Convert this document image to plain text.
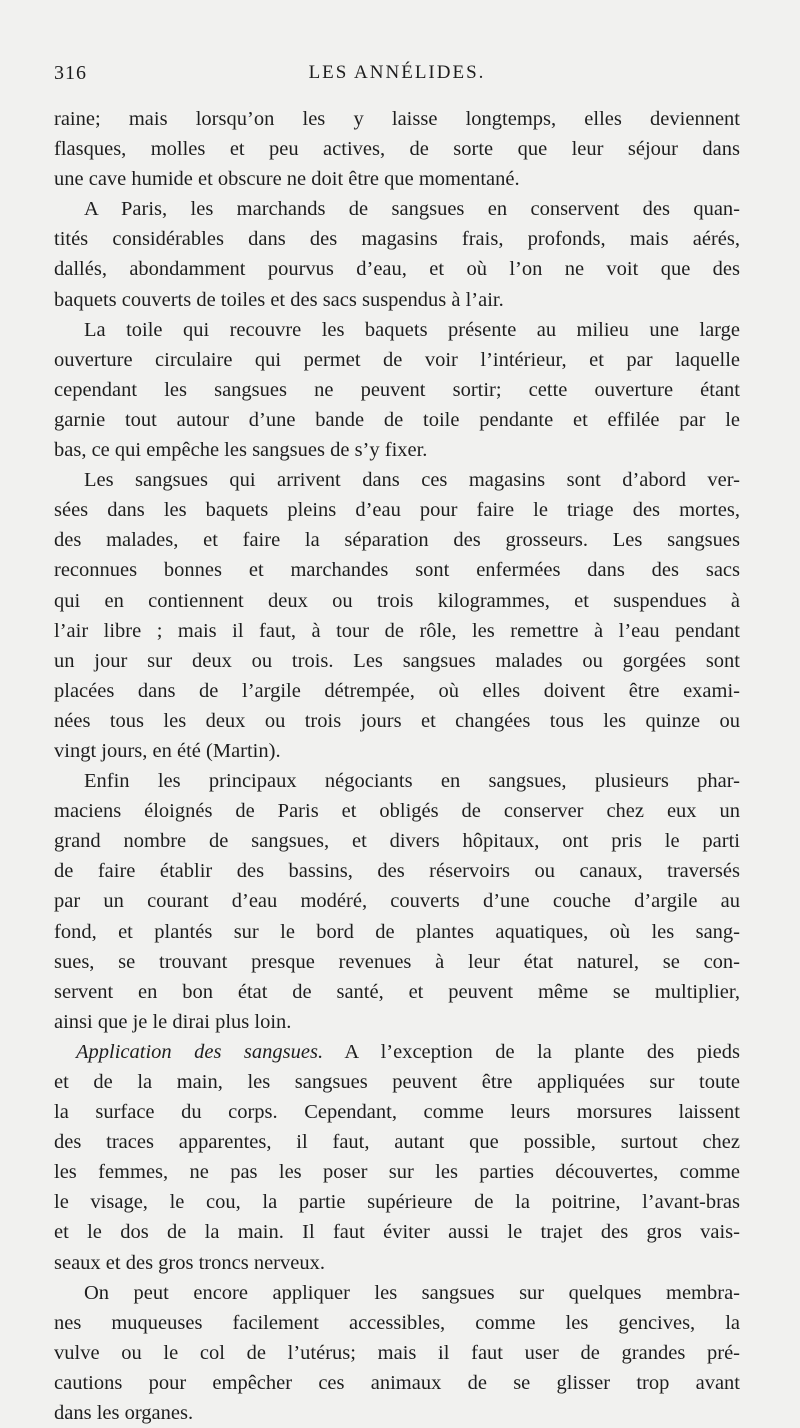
316	LES ANNÉLIDES.
raine; mais lorsqu’on les y laisse longtemps, elles deviennent
flasques, molles et peu actives, de sorte que leur séjour dans
une cave humide et obscure ne doit être que momentané.
A Paris, les marchands de sangsues en conservent des quan-
tités considérables dans des magasins frais, profonds, mais aérés,
dallés, abondamment pourvus d’eau, et où l’on ne voit que des
baquets couverts de toiles et des sacs suspendus à l’air.
La toile qui recouvre les baquets présente au milieu une large
ouverture circulaire qui permet de voir l’intérieur, et par laquelle
cependant les sangsues ne peuvent sortir; cette ouverture étant
garnie tout autour d’une bande de toile pendante et effilée par le
bas, ce qui empêche les sangsues de s’y fixer.
Les sangsues qui arrivent dans ces magasins sont d’abord ver-
sées dans les baquets pleins d’eau pour faire le triage des mortes,
des malades, et faire la séparation des grosseurs. Les sangsues
reconnues bonnes et marchandes sont enfermées dans des sacs
qui en contiennent deux ou trois kilogrammes, et suspendues à
l’air libre ; mais il faut, à tour de rôle, les remettre à l’eau pendant
un jour sur deux ou trois. Les sangsues malades ou gorgées sont
placées dans de l’argile détrempée, où elles doivent être exami-
nées tous les deux ou trois jours et changées tous les quinze ou
vingt jours, en été (Martin).
Enfin les principaux négociants en sangsues, plusieurs phar-
maciens éloignés de Paris et obligés de conserver chez eux un
grand nombre de sangsues, et divers hôpitaux, ont pris le parti
de faire établir des bassins, des réservoirs ou canaux, traversés
par un courant d’eau modéré, couverts d’une couche d’argile au
fond, et plantés sur le bord de plantes aquatiques, où les sang-
sues, se trouvant presque revenues à leur état naturel, se con-
servent en bon état de santé, et peuvent même se multiplier,
ainsi que je le dirai plus loin.
Application des sangsues. A l’exception de la plante des pieds
et de la main, les sangsues peuvent être appliquées sur toute
la surface du corps. Cependant, comme leurs morsures laissent
des traces apparentes, il faut, autant que possible, surtout chez
les femmes, ne pas les poser sur les parties découvertes, comme
le visage, le cou, la partie supérieure de la poitrine, l’avant-bras
et le dos de la main. Il faut éviter aussi le trajet des gros vais-
seaux et des gros troncs nerveux.
On peut encore appliquer les sangsues sur quelques membra-
nes muqueuses facilement accessibles, comme les gencives, la
vulve ou le col de l’utérus; mais il faut user de grandes pré-
cautions pour empêcher ces animaux de se glisser trop avant
dans les organes.
